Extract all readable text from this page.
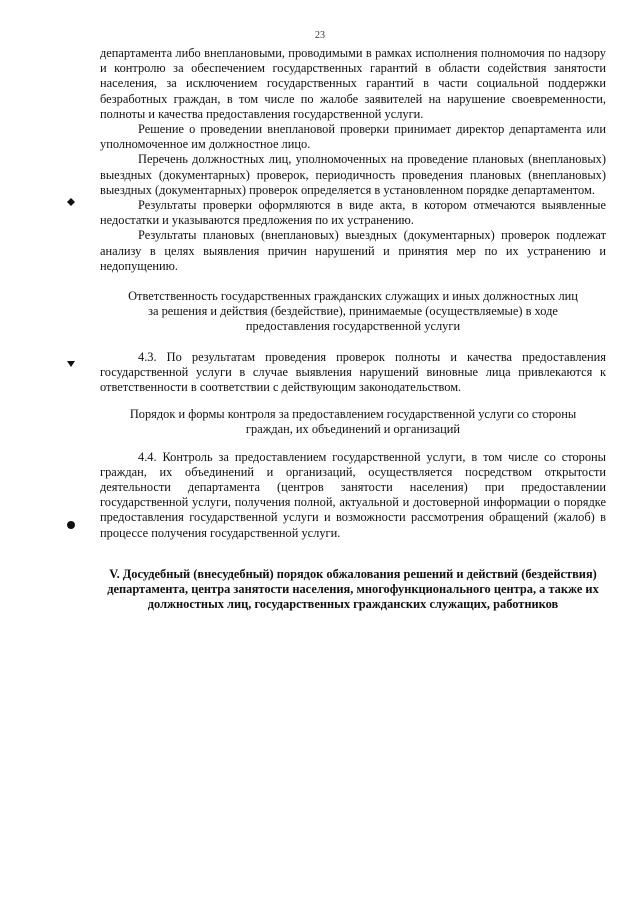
23

департамента либо внеплановыми, проводимыми в рамках исполнения полномочия по надзору и контролю за обеспечением государственных гарантий в области содействия занятости населения, за исключением государственных гарантий в части социальной поддержки безработных граждан, в том числе по жалобе заявителей на нарушение своевременности, полноты и качества предоставления государственной услуги.

Решение о проведении внеплановой проверки принимает директор департамента или уполномоченное им должностное лицо.

Перечень должностных лиц, уполномоченных на проведение плановых (внеплановых) выездных (документарных) проверок, периодичность проведения плановых (внеплановых) выездных (документарных) проверок определяется в установленном порядке департаментом.

Результаты проверки оформляются в виде акта, в котором отмечаются выявленные недостатки и указываются предложения по их устранению.

Результаты плановых (внеплановых) выездных (документарных) проверок подлежат анализу в целях выявления причин нарушений и принятия мер по их устранению и недопущению.

Ответственность государственных гражданских служащих и иных должностных лиц за решения и действия (бездействие), принимаемые (осуществляемые) в ходе предоставления государственной услуги

4.3. По результатам проведения проверок полноты и качества предоставления государственной услуги в случае выявления нарушений виновные лица привлекаются к ответственности в соответствии с действующим законодательством.

Порядок и формы контроля за предоставлением государственной услуги со стороны граждан, их объединений и организаций

4.4. Контроль за предоставлением государственной услуги, в том числе со стороны граждан, их объединений и организаций, осуществляется посредством открытости деятельности департамента (центров занятости населения) при предоставлении государственной услуги, получения полной, актуальной и достоверной информации о порядке предоставления государственной услуги и возможности рассмотрения обращений (жалоб) в процессе получения государственной услуги.

V. Досудебный (внесудебный) порядок обжалования решений и действий (бездействия) департамента, центра занятости населения, многофункционального центра, а также их должностных лиц, государственных гражданских служащих, работников
